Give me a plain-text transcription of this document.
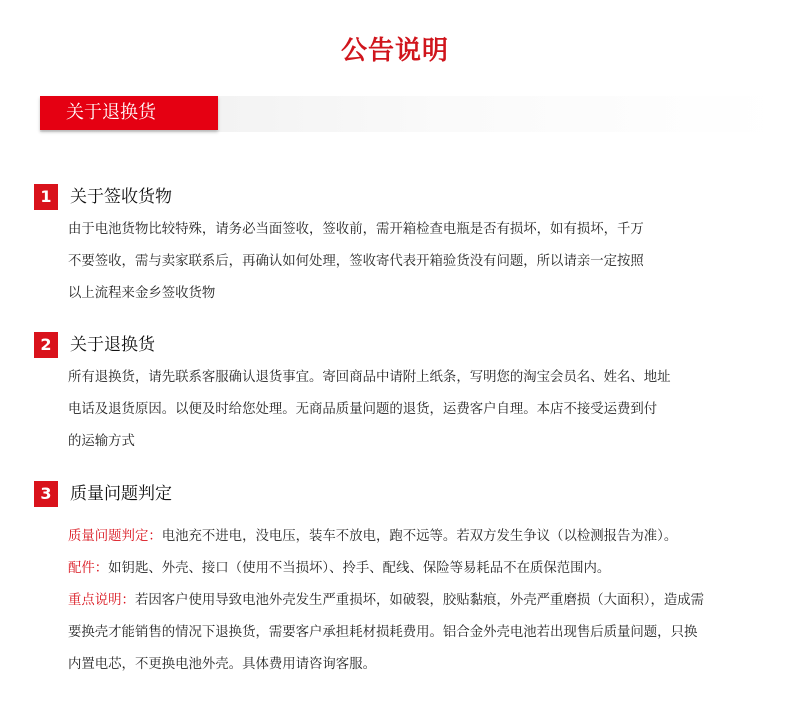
公告说明
关于退换货
1	关于签收货物
由于电池货物比较特殊，请务必当面签收，签收前，需开箱检查电瓶是否有损坏，如有损坏，千万
不要签收，需与卖家联系后，再确认如何处理，签收寄代表开箱验货没有问题，所以请亲一定按照
以上流程来金乡签收货物
2	关于退换货
所有退换货，请先联系客服确认退货事宜。寄回商品中请附上纸条，写明您的淘宝会员名、姓名、地址
电话及退货原因。以便及时给您处理。无商品质量问题的退货，运费客户自理。本店不接受运费到付
的运输方式
3	质量问题判定
质量问题判定：电池充不进电，没电压，装车不放电，跑不远等。若双方发生争议（以检测报告为准）。
配件：如钥匙、外壳、接口（使用不当损坏）、拎手、配线、保险等易耗品不在质保范围内。
重点说明：若因客户使用导致电池外壳发生严重损坏，如破裂，胶贴黏痕，外壳严重磨损（大面积），造成需
要换壳才能销售的情况下退换货，需要客户承担耗材损耗费用。铝合金外壳电池若出现售后质量问题，只换
内置电芯，不更换电池外壳。具体费用请咨询客服。
